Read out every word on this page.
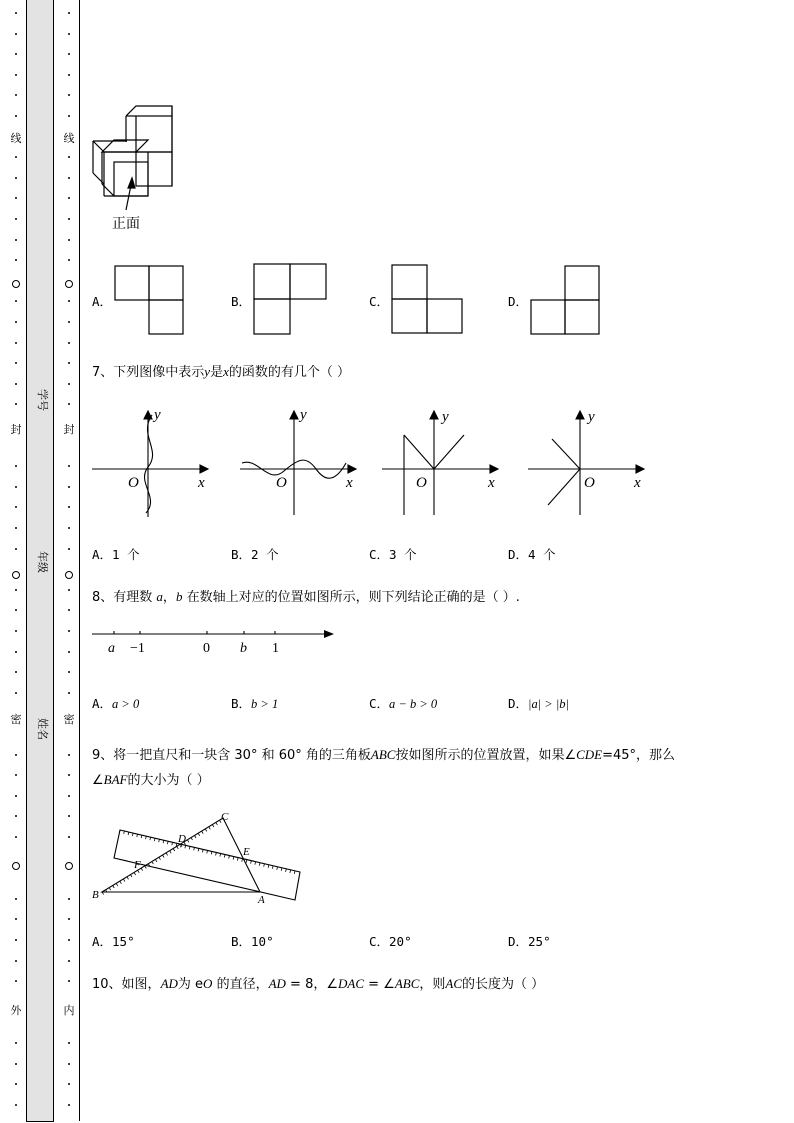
线
封
密
外
线
封
密
内
学号
年级
姓名
正面
A．	B．	C．	D．
7、下列图像中表示y是x的函数的有几个（ ）
y
x
O
y
x
O
y
x
O
y
x
O
A．1 个	B．2 个	C．3 个	D．4 个
8、有理数 a，b 在数轴上对应的位置如图所示，则下列结论正确的是（ ）.
a −1	0 b 1
A．a > 0	B．b > 1	C．a − b > 0	D．|a| > |b|
9、将一把直尺和一块含 30° 和 60° 角的三角板ABC按如图所示的位置放置，如果∠CDE=45°，那么
∠BAF的大小为（ ）
A
B
C
D
E
F
A．15°	B．10°	C．20°	D．25°
10、如图，AD为 eO 的直径，AD = 8，∠DAC = ∠ABC，则AC的长度为（ ）
